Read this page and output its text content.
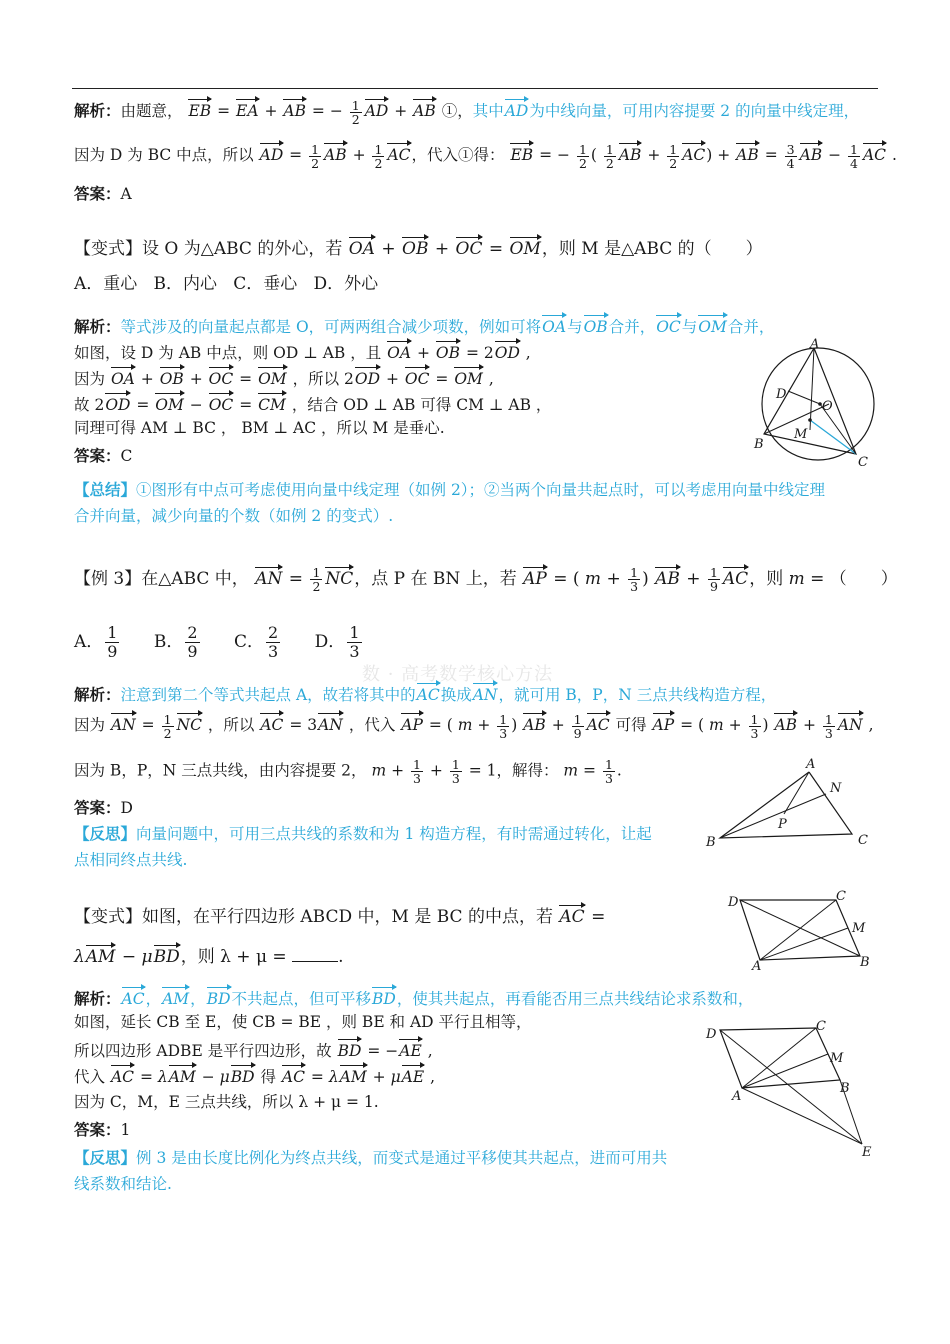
解析：由题意， EB = EA + AB = − $\frac{1}{2}$ AD + AB ①，其中AD为中线向量，可用内容提要 2 的向量中线定理，
因为 D 为 BC 中点，所以 AD = $\frac{1}{2}$ AB + $\frac{1}{2}$ AC，代入①得： EB = − $\frac{1}{2}$ ( $\frac{1}{2}$ AB + $\frac{1}{2} AC$) + AB = $\frac{3}{4}$ AB − $\frac{1}{4}$ AC .
答案：A
【变式】设 O 为△ABC 的外心，若 OA + OB + OC = OM，则 M 是△ABC 的（　　）
A．重心 B．内心 C．垂心 D．外心
解析：等式涉及的向量起点都是 O，可两两组合减少项数，例如可将OA与OB合并，OC与OM合并，
如图，设 D 为 AB 中点，则 OD ⊥ AB ，且 OA + OB = 2OD ,
因为 OA + OB + OC = OM ，所以 2OD + OC = OM ,
故 2OD = OM − OC = CM ，结合 OD ⊥ AB 可得 CM ⊥ AB ，
同理可得 AM ⊥ BC ， BM ⊥ AC ，所以 M 是垂心.
答案：C
A
B
C
D
O
M
【总结】①图形有中点可考虑使用向量中线定理（如例 2）；②当两个向量共起点时，可以考虑用向量中线定理
合并向量，减少向量的个数（如例 2 的变式）.
【例 3】在△ABC 中， AN = $\frac{1}{2}$ NC，点 P 在 BN 上，若 AP = ( $m + \frac{1}{3}$ ) AB + $\frac{1}{9}$ AC，则 m = （　　）
A． $\frac{1}{9}$ B． $\frac{2}{9}$ C． $\frac{2}{3}$ D． $\frac{1}{3}$
数 · 高考数学核心方法
解析：注意到第二个等式共起点 A，故若将其中的AC换成AN，就可用 B，P，N 三点共线构造方程，
因为 AN = $\frac{1}{2}$ NC ，所以 AC = 3AN ，代入 AP = ( $m + \frac{1}{3}$ ) AB + $\frac{1}{9}$ AC 可得 AP = ( $m + \frac{1}{3}$ ) AB + $\frac{1}{3}$ AN ,
因为 B，P，N 三点共线，由内容提要 2， $m + \frac{1}{3} + \frac{1}{3} = 1$，解得： $m = \frac{1}{3}$ .
答案：D
【反思】向量问题中，可用三点共线的系数和为 1 构造方程，有时需通过转化，让起
点相同终点共线.
A
B	C
N
P
【变式】如图，在平行四边形 ABCD 中，M 是 BC 的中点，若 AC =
λAM − μBD，则 λ + μ =	.
D	C
M
A	B
解析：AC，AM，BD不共起点，但可平移BD，使其共起点，再看能否用三点共线结论求系数和，
如图，延长 CB 至 E，使 CB = BE ，则 BE 和 AD 平行且相等，
所以四边形 ADBE 是平行四边形，故 BD = −AE ,
代入 AC = λAM − μBD 得 AC = λAM + μAE ,
因为 C，M，E 三点共线，所以 λ + μ = 1.
答案：1
【反思】例 3 是由长度比例化为终点共线，而变式是通过平移使其共起点，进而可用共
线系数和结论.
D
C
M
A
B
E
